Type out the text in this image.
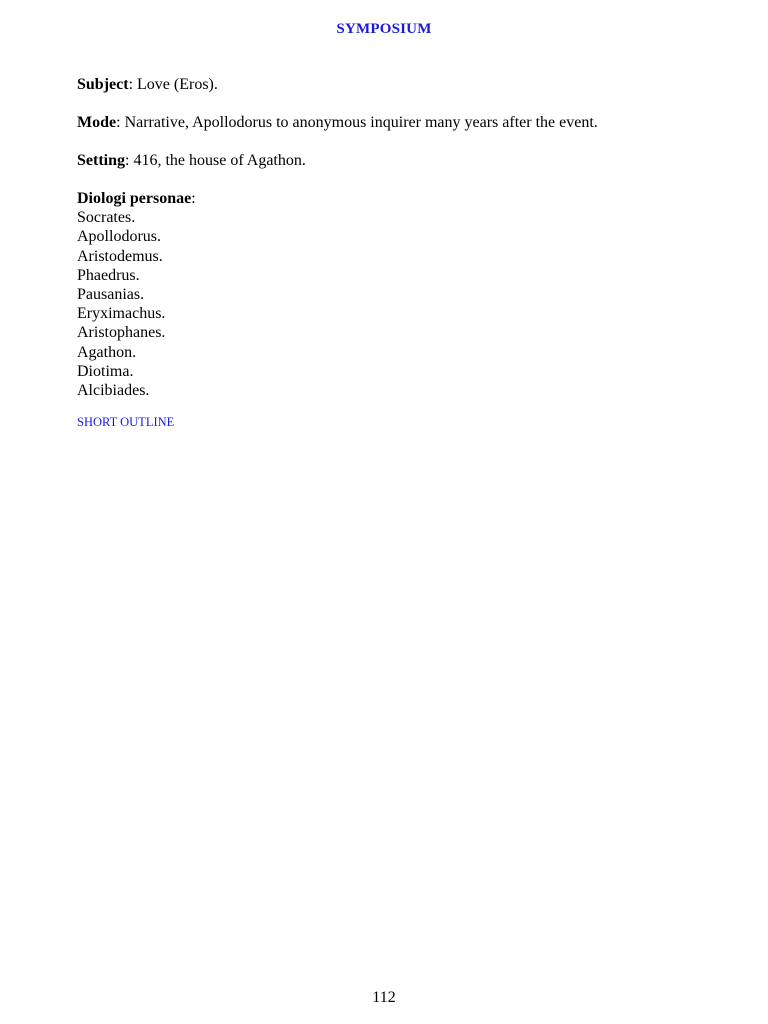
SYMPOSIUM

Subject: Love (Eros).

Mode: Narrative, Apollodorus to anonymous inquirer many years after the event.

Setting: 416, the house of Agathon.

Diologi personae:
Socrates.
Apollodorus.
Aristodemus.
Phaedrus.
Pausanias.
Eryximachus.
Aristophanes.
Agathon.
Diotima.
Alcibiades.
SHORT OUTLINE
112
